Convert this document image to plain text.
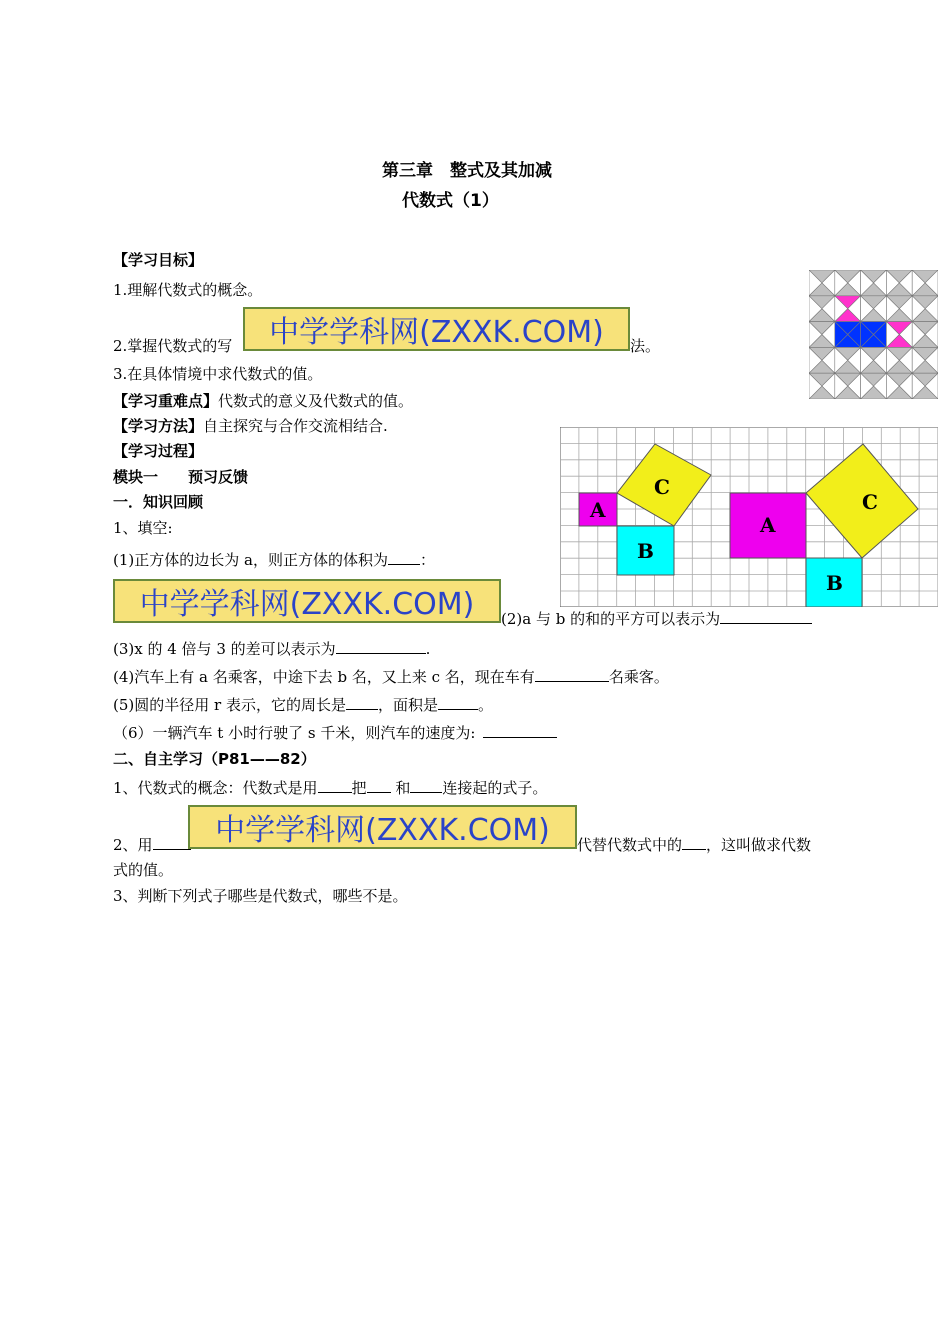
第三章　整式及其加减
代数式（1）
【学习目标】
1.理解代数式的概念。
2.掌握代数式的写 中学学科网(ZXXK.COM) 法。
3.在具体情境中求代数式的值。
【学习重难点】代数式的意义及代数式的值。
【学习方法】自主探究与合作交流相结合.
【学习过程】
模块一　　预习反馈
一．知识回顾
1、填空:
(1)正方体的边长为 a，则正方体的体积为 ：
中学学科网(ZXXK.COM) (2)a 与 b 的和的平方可以表示为
(3)x 的 4 倍与 3 的差可以表示为	.
(4)汽车上有 a 名乘客，中途下去 b 名，又上来 c 名，现在车有	名乘客。
(5)圆的半径用 r 表示，它的周长是 ，面积是	。
（6）一辆汽车 t 小时行驶了 s 千米，则汽车的速度为:
二、自主学习（P81——82）
1、代数式的概念：代数式是用 把 和 连接起的式子。
2、用	中学学科网(ZXXK.COM) 代替代数式中的 ，这叫做求代数
式的值。
3、判断下列式子哪些是代数式，哪些不是。
A
B
C
A
B
C
